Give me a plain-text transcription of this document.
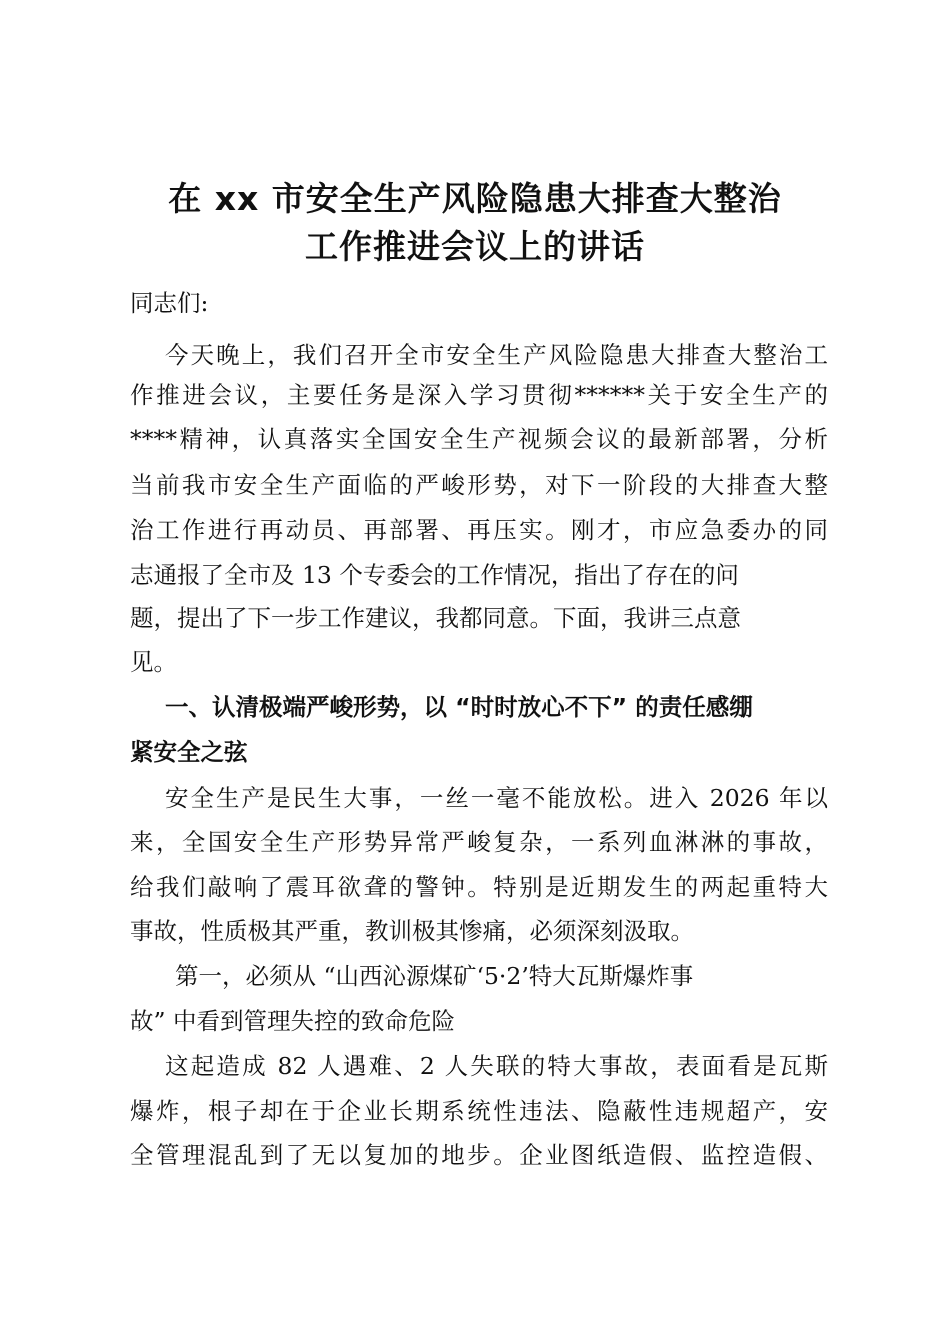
在 xx 市安全生产风险隐患大排查大整治
工作推进会议上的讲话

同志们:

今天晚上，我们召开全市安全生产风险隐患大排查大整治工

作推进会议，主要任务是深入学习贯彻******关于安全生产的

****精神，认真落实全国安全生产视频会议的最新部署，分析

当前我市安全生产面临的严峻形势，对下一阶段的大排查大整

治工作进行再动员、再部署、再压实。刚才，市应急委办的同

志通报了全市及 13 个专委会的工作情况，指出了存在的问

题，提出了下一步工作建议，我都同意。下面，我讲三点意

见。

一、认清极端严峻形势，以 “时时放心不下” 的责任感绷

紧安全之弦

安全生产是民生大事，一丝一毫不能放松。进入 2026 年以

来，全国安全生产形势异常严峻复杂，一系列血淋淋的事故，

给我们敲响了震耳欲聋的警钟。特别是近期发生的两起重特大

事故，性质极其严重，教训极其惨痛，必须深刻汲取。

第一，必须从 “山西沁源煤矿‘5·2’特大瓦斯爆炸事

故” 中看到管理失控的致命危险

这起造成 82 人遇难、2 人失联的特大事故，表面看是瓦斯

爆炸，根子却在于企业长期系统性违法、隐蔽性违规超产，安

全管理混乱到了无以复加的地步。企业图纸造假、监控造假、
